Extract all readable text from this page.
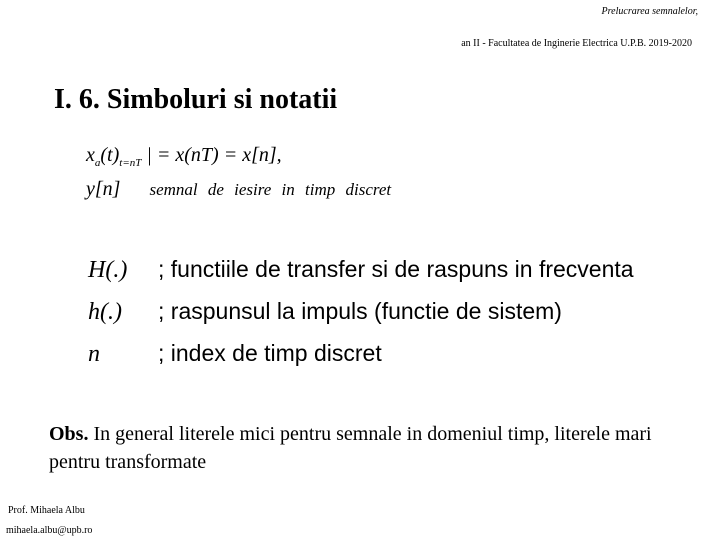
Prelucrarea semnalelor,
an II - Facultatea de Inginerie Electrica U.P.B. 2019-2020
I. 6. Simboluri si notatii
$x_a(t)_{t=nT}$ | = x(nT) = x[n],
y[n] semnal de iesire in timp discret
H(.) ; functiile de transfer si de raspuns in frecventa
h(.) ; raspunsul la impuls (functie de sistem)
n	; index de timp discret
Obs. In general literele mici pentru semnale in domeniul timp, literele mari pentru transformate
Prof. Mihaela Albu
mihaela.albu@upb.ro
